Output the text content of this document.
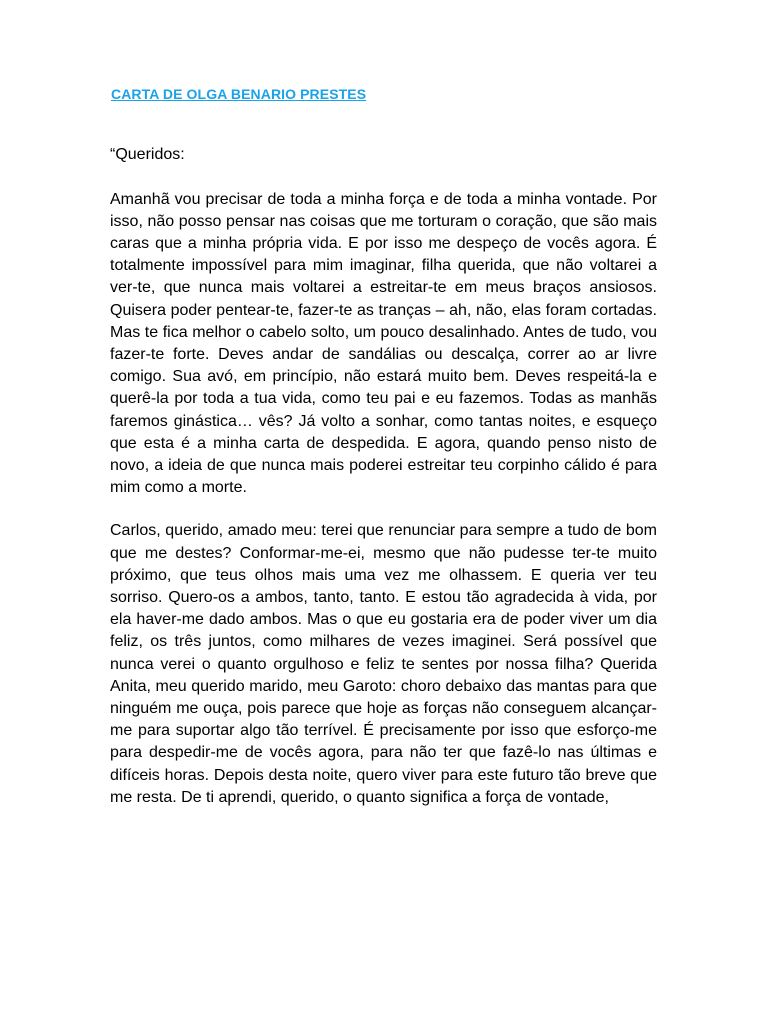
CARTA DE OLGA BENARIO PRESTES

“Queridos:

Amanhã vou precisar de toda a minha força e de toda a minha vontade. Por isso, não posso pensar nas coisas que me torturam o coração, que são mais caras que a minha própria vida. E por isso me despeço de vocês agora. É totalmente impossível para mim imaginar, filha querida, que não voltarei a ver-te, que nunca mais voltarei a estreitar-te em meus braços ansiosos. Quisera poder pentear-te, fazer-te as tranças – ah, não, elas foram cortadas. Mas te fica melhor o cabelo solto, um pouco desalinhado. Antes de tudo, vou fazer-te forte. Deves andar de sandálias ou descalça, correr ao ar livre comigo. Sua avó, em princípio, não estará muito bem. Deves respeitá-la e querê-la por toda a tua vida, como teu pai e eu fazemos. Todas as manhãs faremos ginástica… vês? Já volto a sonhar, como tantas noites, e esqueço que esta é a minha carta de despedida. E agora, quando penso nisto de novo, a ideia de que nunca mais poderei estreitar teu corpinho cálido é para mim como a morte.

Carlos, querido, amado meu: terei que renunciar para sempre a tudo de bom que me destes? Conformar-me-ei, mesmo que não pudesse ter-te muito próximo, que teus olhos mais uma vez me olhassem. E queria ver teu sorriso. Quero-os a ambos, tanto, tanto. E estou tão agradecida à vida, por ela haver-me dado ambos. Mas o que eu gostaria era de poder viver um dia feliz, os três juntos, como milhares de vezes imaginei. Será possível que nunca verei o quanto orgulhoso e feliz te sentes por nossa filha? Querida Anita, meu querido marido, meu Garoto: choro debaixo das mantas para que ninguém me ouça, pois parece que hoje as forças não conseguem alcançar-me para suportar algo tão terrível. É precisamente por isso que esforço-me para despedir-me de vocês agora, para não ter que fazê-lo nas últimas e difíceis horas. Depois desta noite, quero viver para este futuro tão breve que me resta. De ti aprendi, querido, o quanto significa a força de vontade,
